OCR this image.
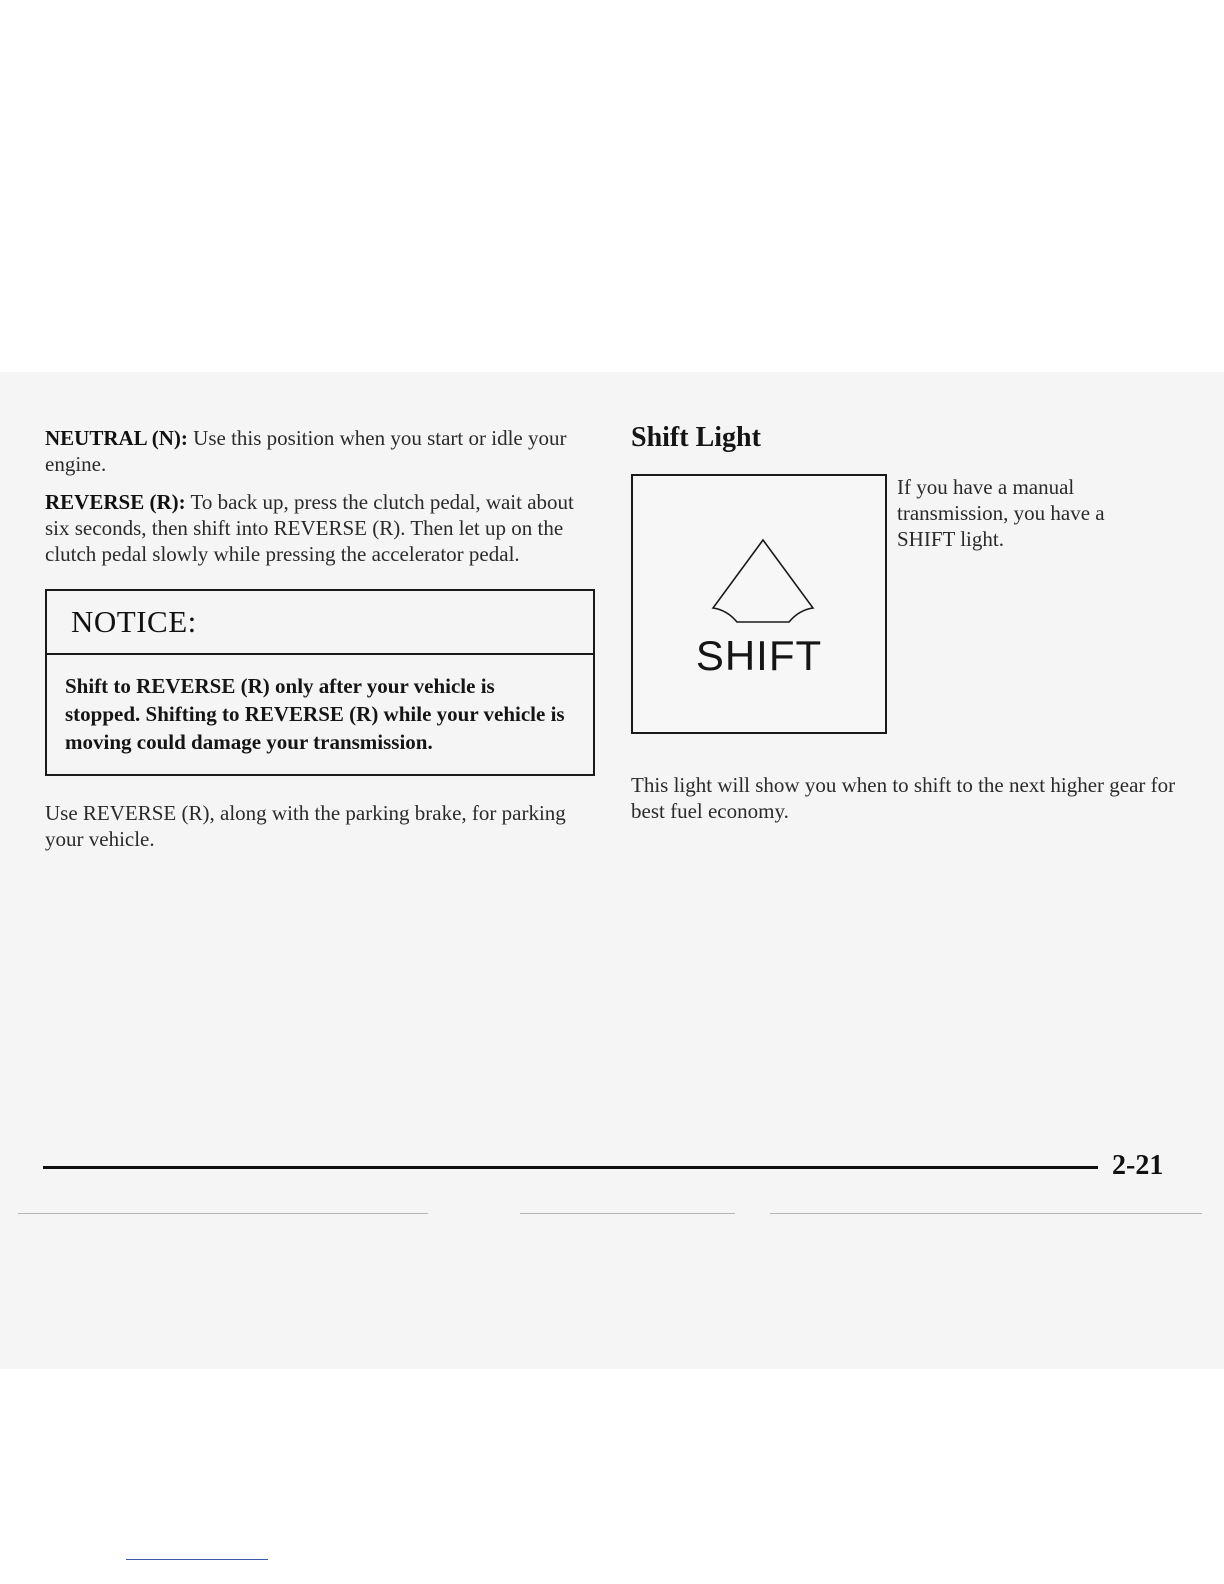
NEUTRAL (N): Use this position when you start or idle your engine.

REVERSE (R): To back up, press the clutch pedal, wait about six seconds, then shift into REVERSE (R). Then let up on the clutch pedal slowly while pressing the accelerator pedal.

NOTICE:
Shift to REVERSE (R) only after your vehicle is stopped. Shifting to REVERSE (R) while your vehicle is moving could damage your transmission.

Use REVERSE (R), along with the parking brake, for parking your vehicle.

Shift Light
SHIFT
If you have a manual transmission, you have a SHIFT light.

This light will show you when to shift to the next higher gear for best fuel economy.

2-21
